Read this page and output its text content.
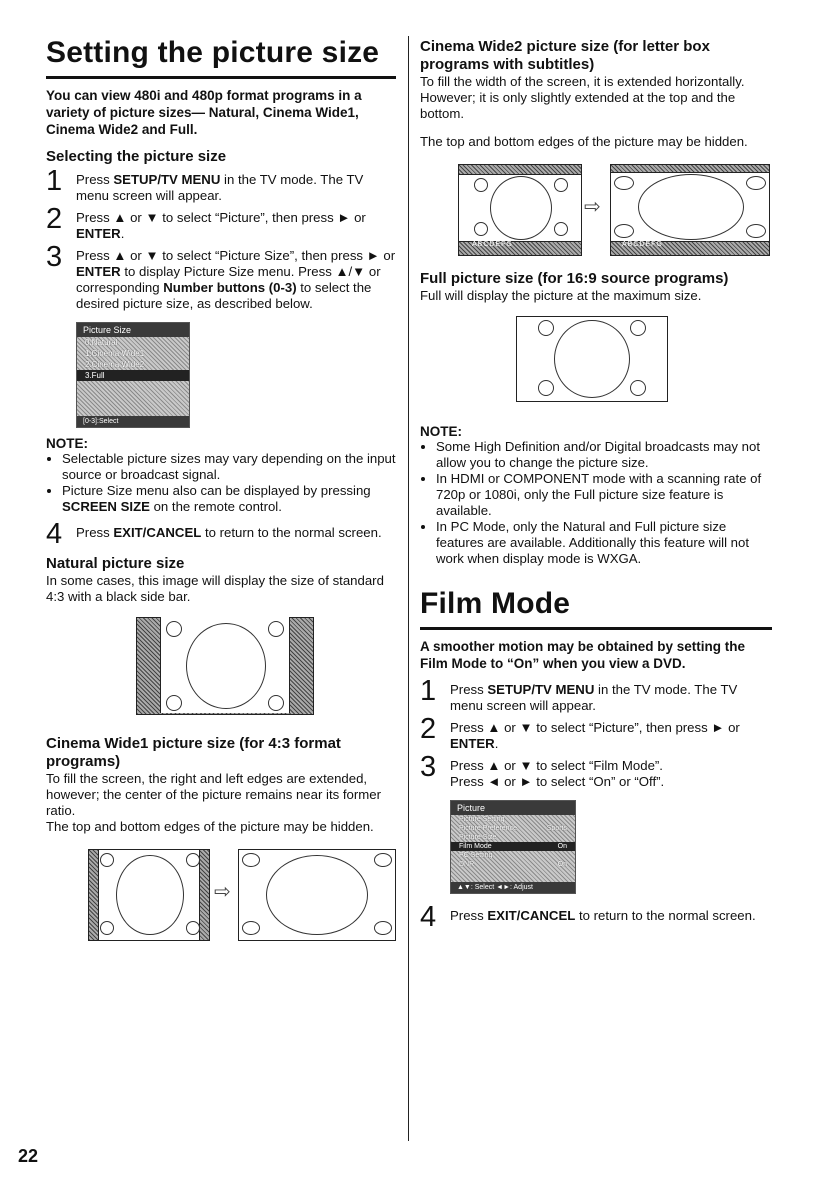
Setting the picture size
You can view 480i and 480p format programs in a variety of picture sizes— Natural, Cinema Wide1, Cinema Wide2 and Full.
Selecting the picture size
1 Press SETUP/TV MENU in the TV mode. The TV menu screen will appear.
2 Press ▲ or ▼ to select “Picture”, then press ► or ENTER.
3 Press ▲ or ▼ to select “Picture Size”, then press ► or ENTER to display Picture Size menu. Press ▲/▼ or corresponding Number buttons (0-3) to select the desired picture size, as described below.
Picture Size
0.Natural
1.Cinema Wide1
2.Cinema Wide2
3.Full
[0-3]:Select
NOTE:
• Selectable picture sizes may vary depending on the input source or broadcast signal.
• Picture Size menu also can be displayed by pressing SCREEN SIZE on the remote control.
4 Press EXIT/CANCEL to return to the normal screen.
Natural picture size

In some cases, this image will display the size of standard 4:3 with a black side bar.

Cinema Wide1 picture size (for 4:3 format programs)

To fill the screen, the right and left edges are extended,

however; the center of the picture remains near its former ratio.

The top and bottom edges of the picture may be hidden.

⇨
Cinema Wide2 picture size (for letter box programs with subtitles)

To fill the width of the screen, it is extended horizontally. However; it is only slightly extended at the top and the bottom.

The top and bottom edges of the picture may be hidden.

ABCDEFG
⇨
ABCDEFG
Full picture size (for 16:9 source programs)

Full will display the picture at the maximum size.

NOTE:
• Some High Definition and/or Digital broadcasts may not allow you to change the picture size.
• In HDMI or COMPONENT mode with a scanning rate of 720p or 1080i, only the Full picture size feature is available.
• In PC Mode, only the Natural and Full picture size features are available. Additionally this feature will not work when display mode is WXGA.
Film Mode
A smoother motion may be obtained by setting the Film Mode to “On” when you view a DVD.
1 Press SETUP/TV MENU in the TV mode. The TV menu screen will appear.
2 Press ▲ or ▼ to select “Picture”, then press ► or ENTER.
3 Press ▲ or ▼ to select “Film Mode”.
Press ◄ or ► to select “On” or “Off”.
Picture
Picture Setting
Picture Preference	Sports
Picture Size
Film Mode	On
PC Setting
DNR	On
▲▼: Select ◄►: Adjust
4 Press EXIT/CANCEL to return to the normal screen.
22
